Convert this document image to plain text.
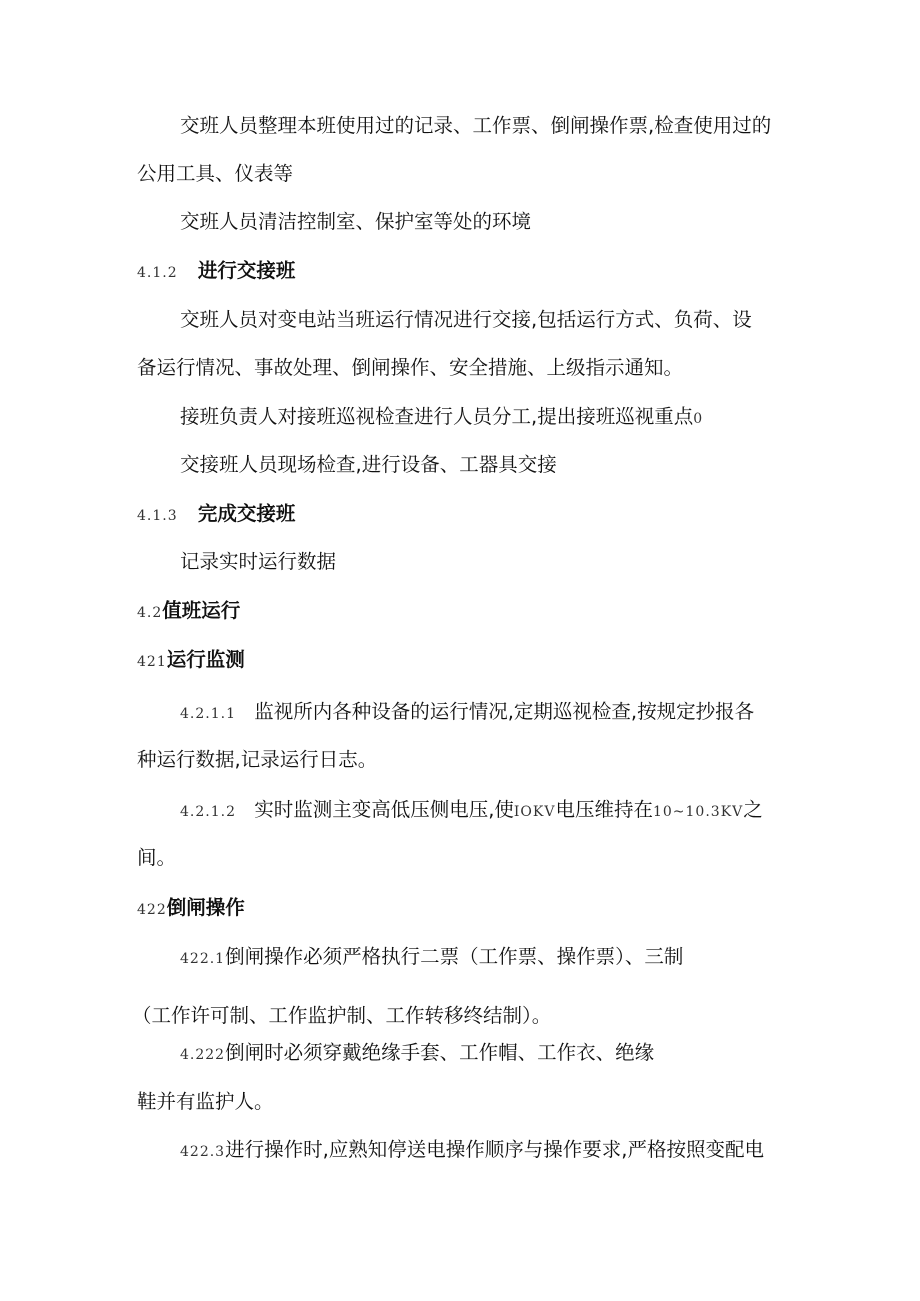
交班人员整理本班使用过的记录、工作票、倒闸操作票,检查使用过的
公用工具、仪表等
交班人员清洁控制室、保护室等处的环境
4.1.2 进行交接班
交班人员对变电站当班运行情况进行交接,包括运行方式、负荷、设
备运行情况、事故处理、倒闸操作、安全措施、上级指示通知。
接班负责人对接班巡视检查进行人员分工,提出接班巡视重点0
交接班人员现场检查,进行设备、工器具交接
4.1.3 完成交接班
记录实时运行数据
4.2值班运行
421运行监测
4.2.1.1 监视所内各种设备的运行情况,定期巡视检查,按规定抄报各
种运行数据,记录运行日志。
4.2.1.2 实时监测主变高低压侧电压,使IOKV电压维持在10~10.3KV之
间。
422倒闸操作
422.1倒闸操作必须严格执行二票（工作票、操作票）、三制
（工作许可制、工作监护制、工作转移终结制）。
4.222倒闸时必须穿戴绝缘手套、工作帽、工作衣、绝缘
鞋并有监护人。
422.3进行操作时,应熟知停送电操作顺序与操作要求,严格按照变配电
